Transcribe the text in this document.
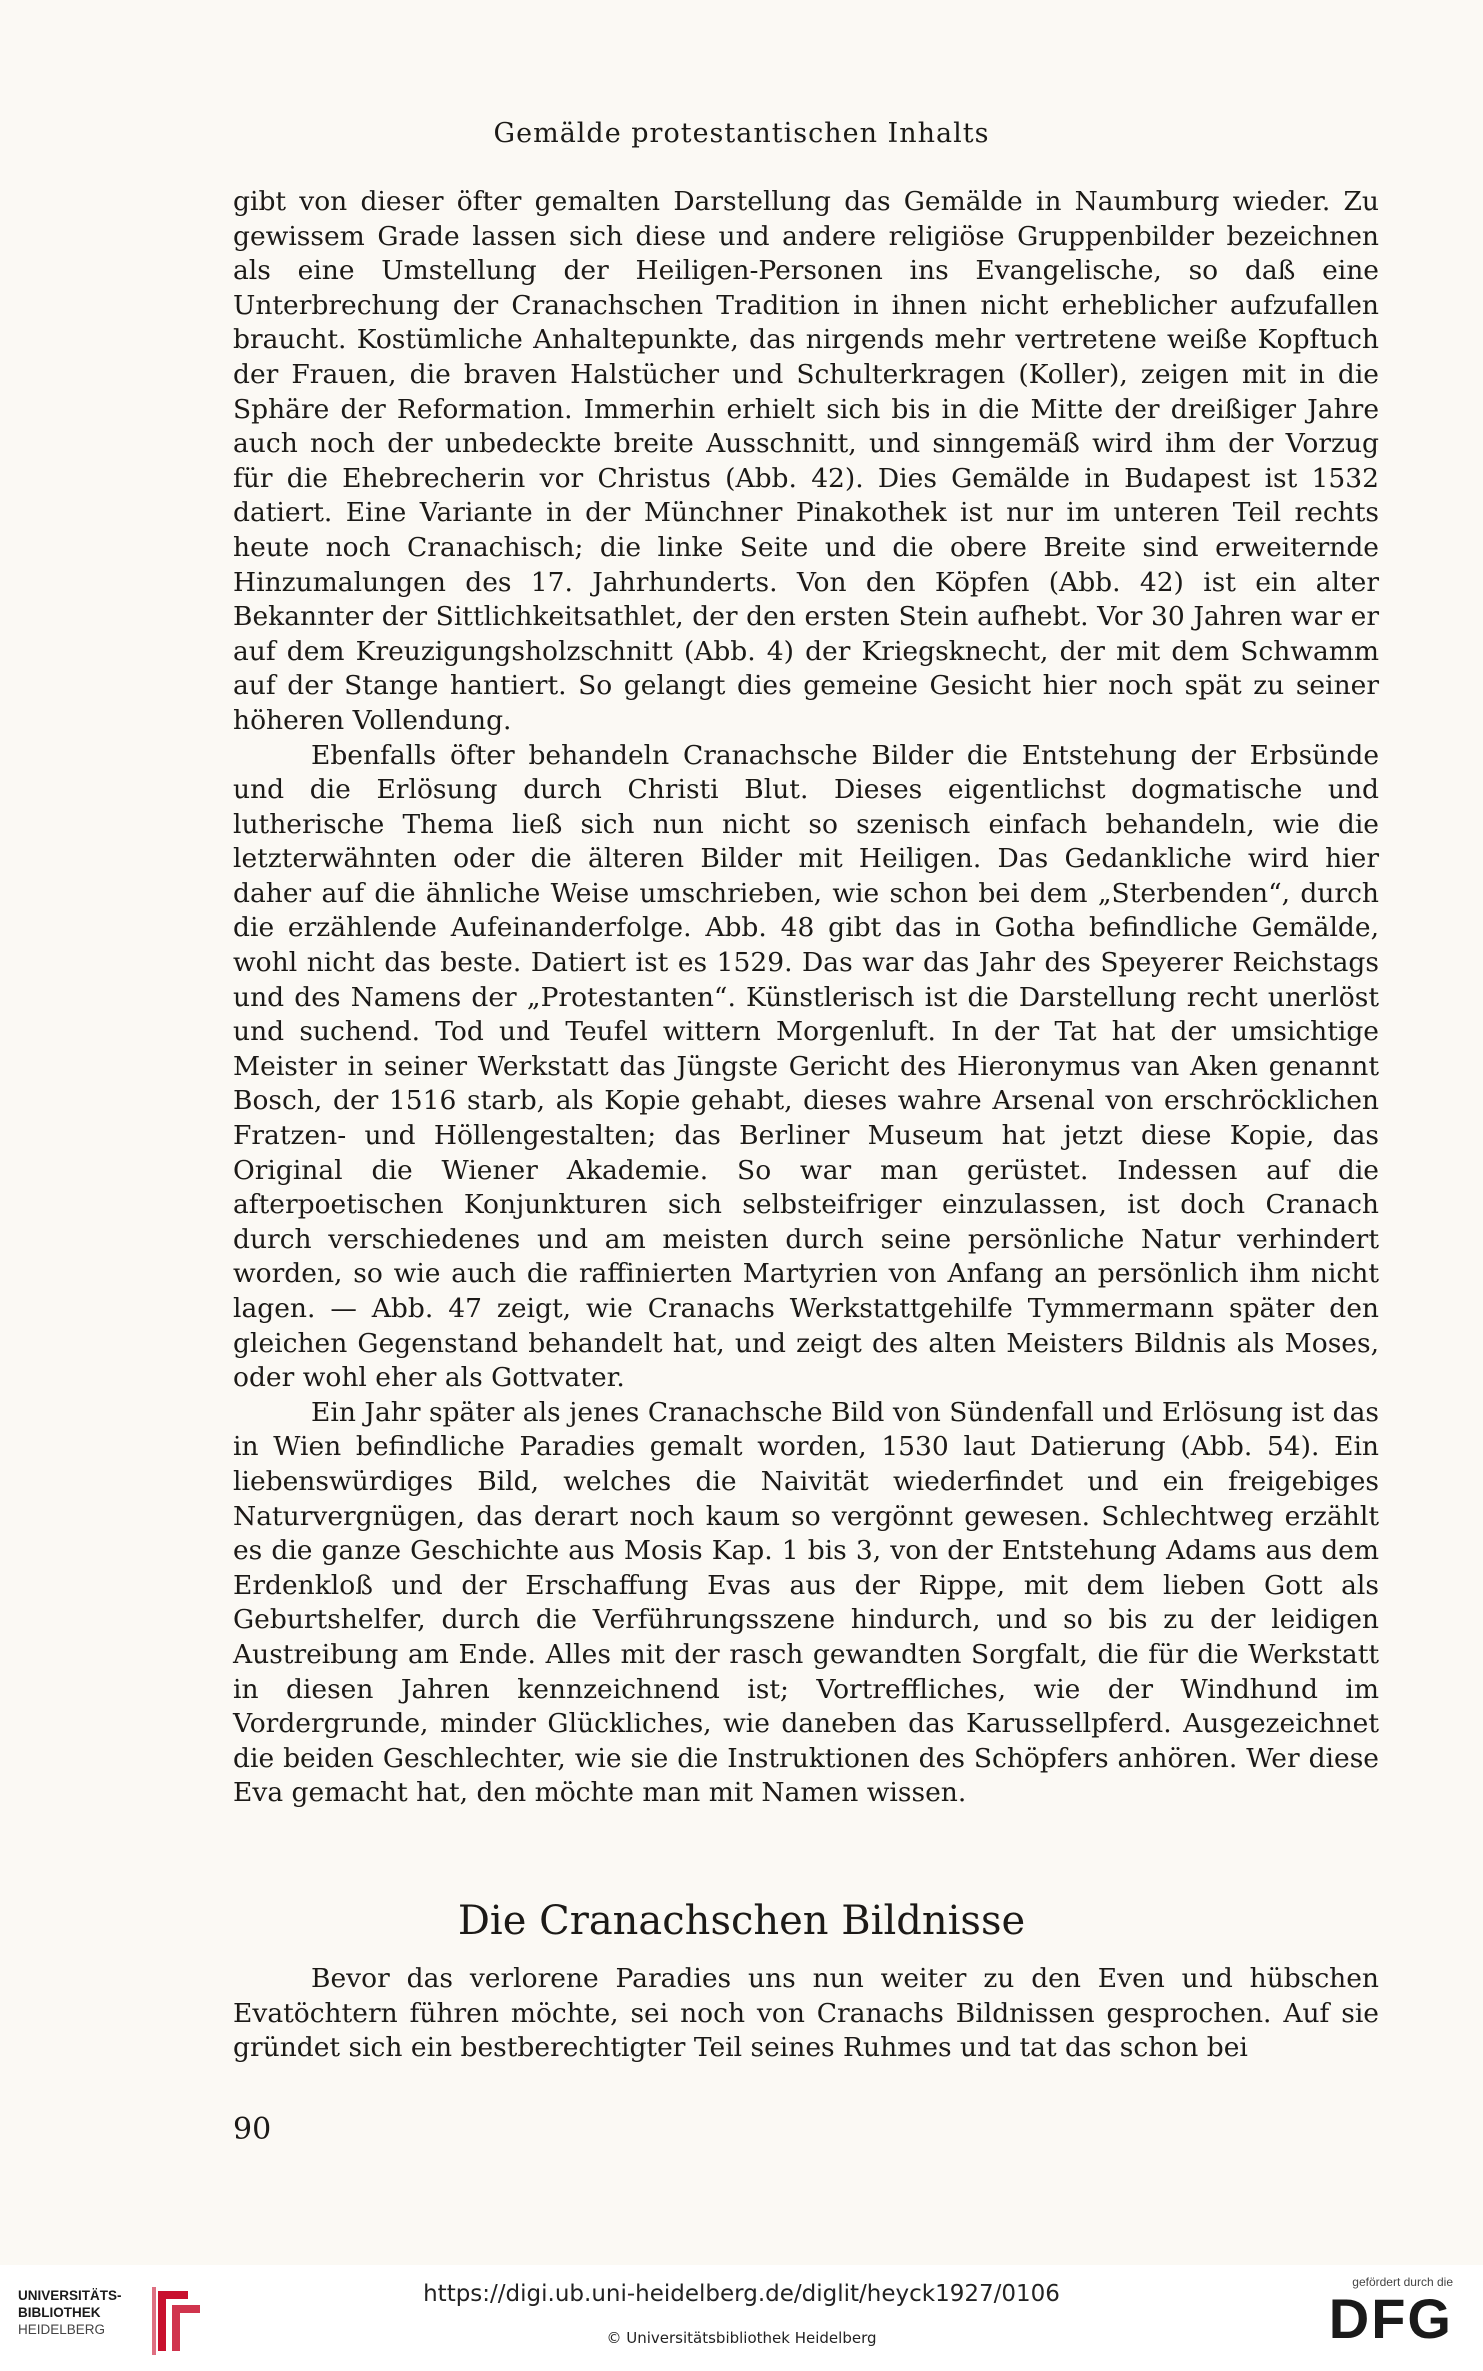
Gemälde protestantischen Inhalts

gibt von dieser öfter gemalten Darstellung das Gemälde in Naumburg wieder. Zu gewissem Grade lassen sich diese und andere religiöse Gruppenbilder bezeichnen als eine Umstellung der Heiligen-Personen ins Evangelische, so daß eine Unterbrechung der Cranachschen Tradition in ihnen nicht erheblicher aufzufallen braucht. Kostümliche Anhaltepunkte, das nirgends mehr vertretene weiße Kopftuch der Frauen, die braven Halstücher und Schulterkragen (Koller), zeigen mit in die Sphäre der Reformation. Immerhin erhielt sich bis in die Mitte der dreißiger Jahre auch noch der unbedeckte breite Ausschnitt, und sinngemäß wird ihm der Vorzug für die Ehebrecherin vor Christus (Abb. 42). Dies Gemälde in Budapest ist 1532 datiert. Eine Variante in der Münchner Pinakothek ist nur im unteren Teil rechts heute noch Cranachisch; die linke Seite und die obere Breite sind erweiternde Hinzumalungen des 17. Jahrhunderts. Von den Köpfen (Abb. 42) ist ein alter Bekannter der Sittlichkeitsathlet, der den ersten Stein aufhebt. Vor 30 Jahren war er auf dem Kreuzigungsholzschnitt (Abb. 4) der Kriegsknecht, der mit dem Schwamm auf der Stange hantiert. So gelangt dies gemeine Gesicht hier noch spät zu seiner höheren Vollendung.

Ebenfalls öfter behandeln Cranachsche Bilder die Entstehung der Erbsünde und die Erlösung durch Christi Blut. Dieses eigentlichst dogmatische und lutherische Thema ließ sich nun nicht so szenisch einfach behandeln, wie die letzterwähnten oder die älteren Bilder mit Heiligen. Das Gedankliche wird hier daher auf die ähnliche Weise umschrieben, wie schon bei dem „Sterbenden“, durch die erzählende Aufeinanderfolge. Abb. 48 gibt das in Gotha befindliche Gemälde, wohl nicht das beste. Datiert ist es 1529. Das war das Jahr des Speyerer Reichstags und des Namens der „Protestanten“. Künstlerisch ist die Darstellung recht unerlöst und suchend. Tod und Teufel wittern Morgenluft. In der Tat hat der umsichtige Meister in seiner Werkstatt das Jüngste Gericht des Hieronymus van Aken genannt Bosch, der 1516 starb, als Kopie gehabt, dieses wahre Arsenal von erschröcklichen Fratzen- und Höllengestalten; das Berliner Museum hat jetzt diese Kopie, das Original die Wiener Akademie. So war man gerüstet. Indessen auf die afterpoetischen Konjunkturen sich selbsteifriger einzulassen, ist doch Cranach durch verschiedenes und am meisten durch seine persönliche Natur verhindert worden, so wie auch die raffinierten Martyrien von Anfang an persönlich ihm nicht lagen. — Abb. 47 zeigt, wie Cranachs Werkstattgehilfe Tymmermann später den gleichen Gegenstand behandelt hat, und zeigt des alten Meisters Bildnis als Moses, oder wohl eher als Gottvater.

Ein Jahr später als jenes Cranachsche Bild von Sündenfall und Erlösung ist das in Wien befindliche Paradies gemalt worden, 1530 laut Datierung (Abb. 54). Ein liebenswürdiges Bild, welches die Naivität wiederfindet und ein freigebiges Naturvergnügen, das derart noch kaum so vergönnt gewesen. Schlechtweg erzählt es die ganze Geschichte aus Mosis Kap. 1 bis 3, von der Entstehung Adams aus dem Erdenkloß und der Erschaffung Evas aus der Rippe, mit dem lieben Gott als Geburtshelfer, durch die Verführungsszene hindurch, und so bis zu der leidigen Austreibung am Ende. Alles mit der rasch gewandten Sorgfalt, die für die Werkstatt in diesen Jahren kennzeichnend ist; Vortreffliches, wie der Windhund im Vordergrunde, minder Glückliches, wie daneben das Karussellpferd. Ausgezeichnet die beiden Geschlechter, wie sie die Instruktionen des Schöpfers anhören. Wer diese Eva gemacht hat, den möchte man mit Namen wissen.

Die Cranachschen Bildnisse

Bevor das verlorene Paradies uns nun weiter zu den Even und hübschen Evatöchtern führen möchte, sei noch von Cranachs Bildnissen gesprochen. Auf sie gründet sich ein bestberechtigter Teil seines Ruhmes und tat das schon bei

90
UNIVERSITÄTS-
BIBLIOTHEK
HEIDELBERG
https://digi.ub.uni-heidelberg.de/diglit/heyck1927/0106
© Universitätsbibliothek Heidelberg
gefördert durch die
DFG
